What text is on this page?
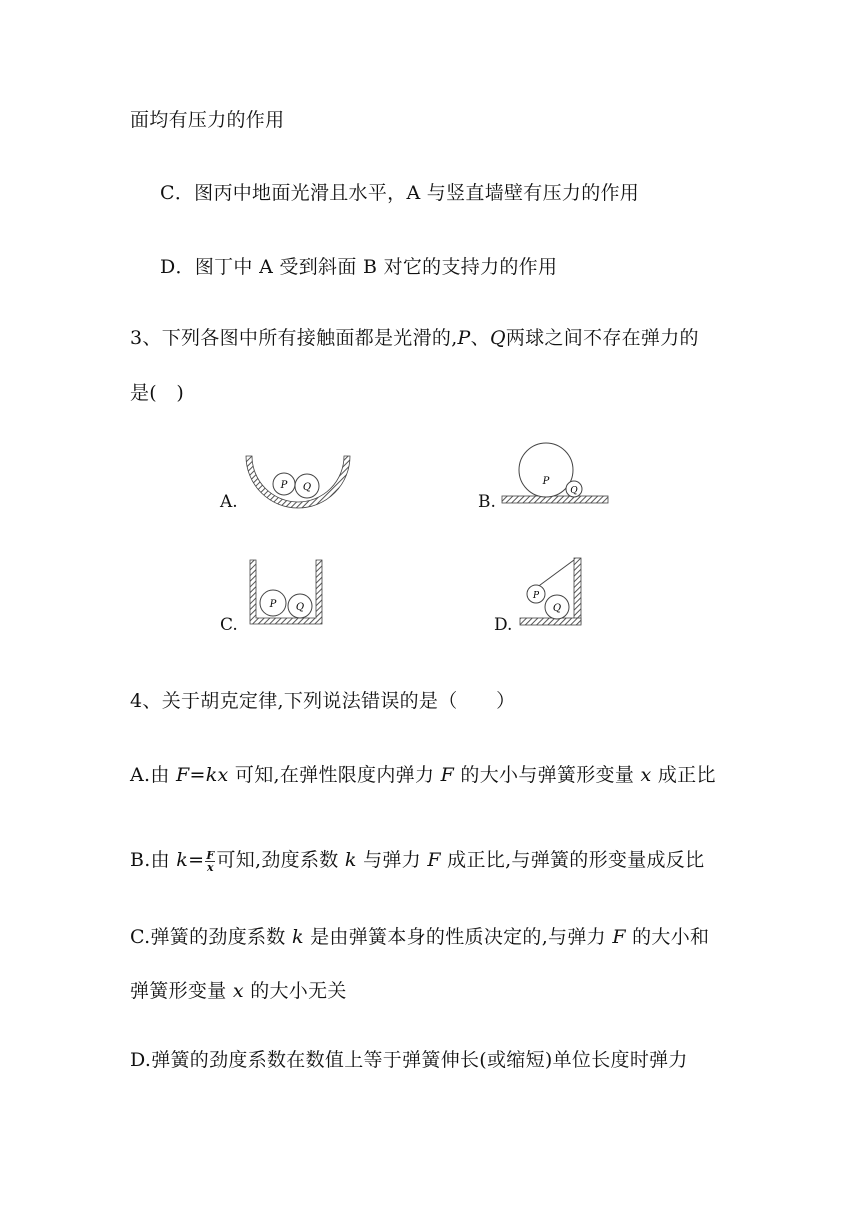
面均有压力的作用
C．图丙中地面光滑且水平，A 与竖直墙壁有压力的作用
D．图丁中 A 受到斜面 B 对它的支持力的作用
3、下列各图中所有接触面都是光滑的,P、Q两球之间不存在弹力的
是(　)
A.
P Q
B.
P
Q
C.
P Q
D.
P
Q
4、关于胡克定律,下列说法错误的是（　　）
A.由 F=kx 可知,在弹性限度内弹力 F 的大小与弹簧形变量 x 成正比
B.由 $k= \frac{F}{x}$ 可知,劲度系数 k 与弹力 F 成正比,与弹簧的形变量成反比
C.弹簧的劲度系数 k 是由弹簧本身的性质决定的,与弹力 F 的大小和
弹簧形变量 x 的大小无关
D.弹簧的劲度系数在数值上等于弹簧伸长(或缩短)单位长度时弹力
